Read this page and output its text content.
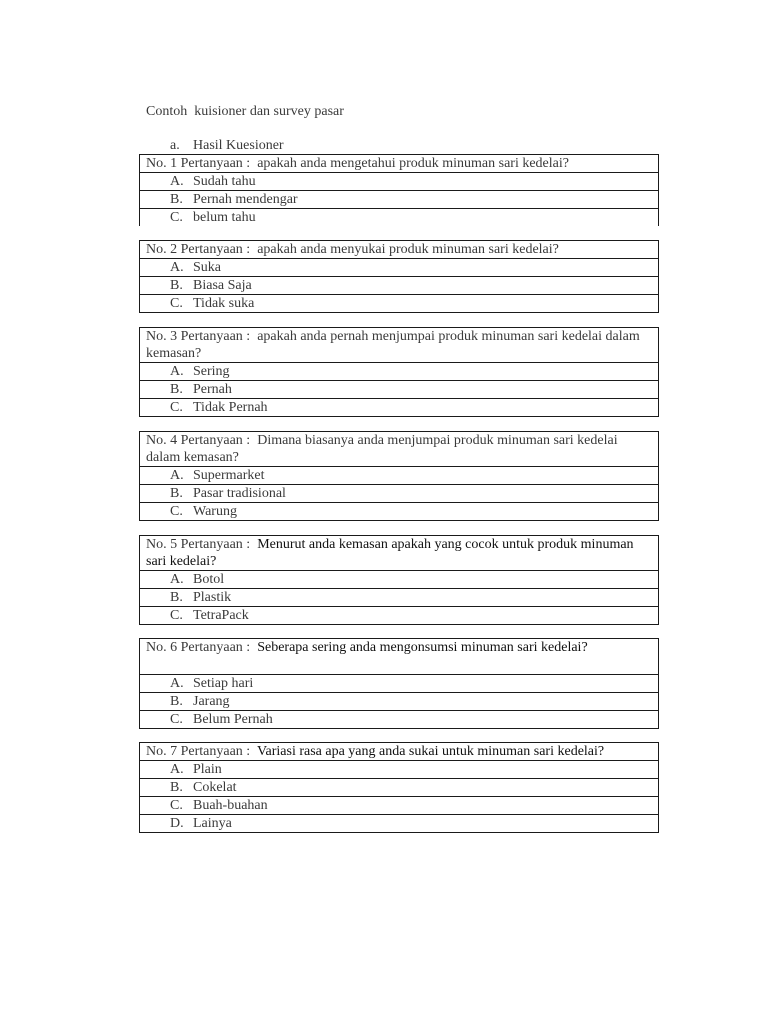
Contoh  kuisioner dan survey pasar
a. Hasil Kuesioner
No. 1 Pertanyaan : apakah anda mengetahui produk minuman sari kedelai?
A. Sudah tahu
B. Pernah mendengar
C. belum tahu
No. 2 Pertanyaan : apakah anda menyukai produk minuman sari kedelai?
A. Suka
B. Biasa Saja
C. Tidak suka
No. 3 Pertanyaan : apakah anda pernah menjumpai produk minuman sari kedelai dalam kemasan?
A. Sering
B. Pernah
C. Tidak Pernah
No. 4 Pertanyaan : Dimana biasanya anda menjumpai produk minuman sari kedelai dalam kemasan?
A. Supermarket
B. Pasar tradisional
C. Warung
No. 5 Pertanyaan : Menurut anda kemasan apakah yang cocok untuk produk minuman sari kedelai?
A. Botol
B. Plastik
C. TetraPack
No. 6 Pertanyaan : Seberapa sering anda mengonsumsi minuman sari kedelai?
A. Setiap hari
B. Jarang
C. Belum Pernah
No. 7 Pertanyaan : Variasi rasa apa yang anda sukai untuk minuman sari kedelai?
A. Plain
B. Cokelat
C. Buah-buahan
D. Lainya
